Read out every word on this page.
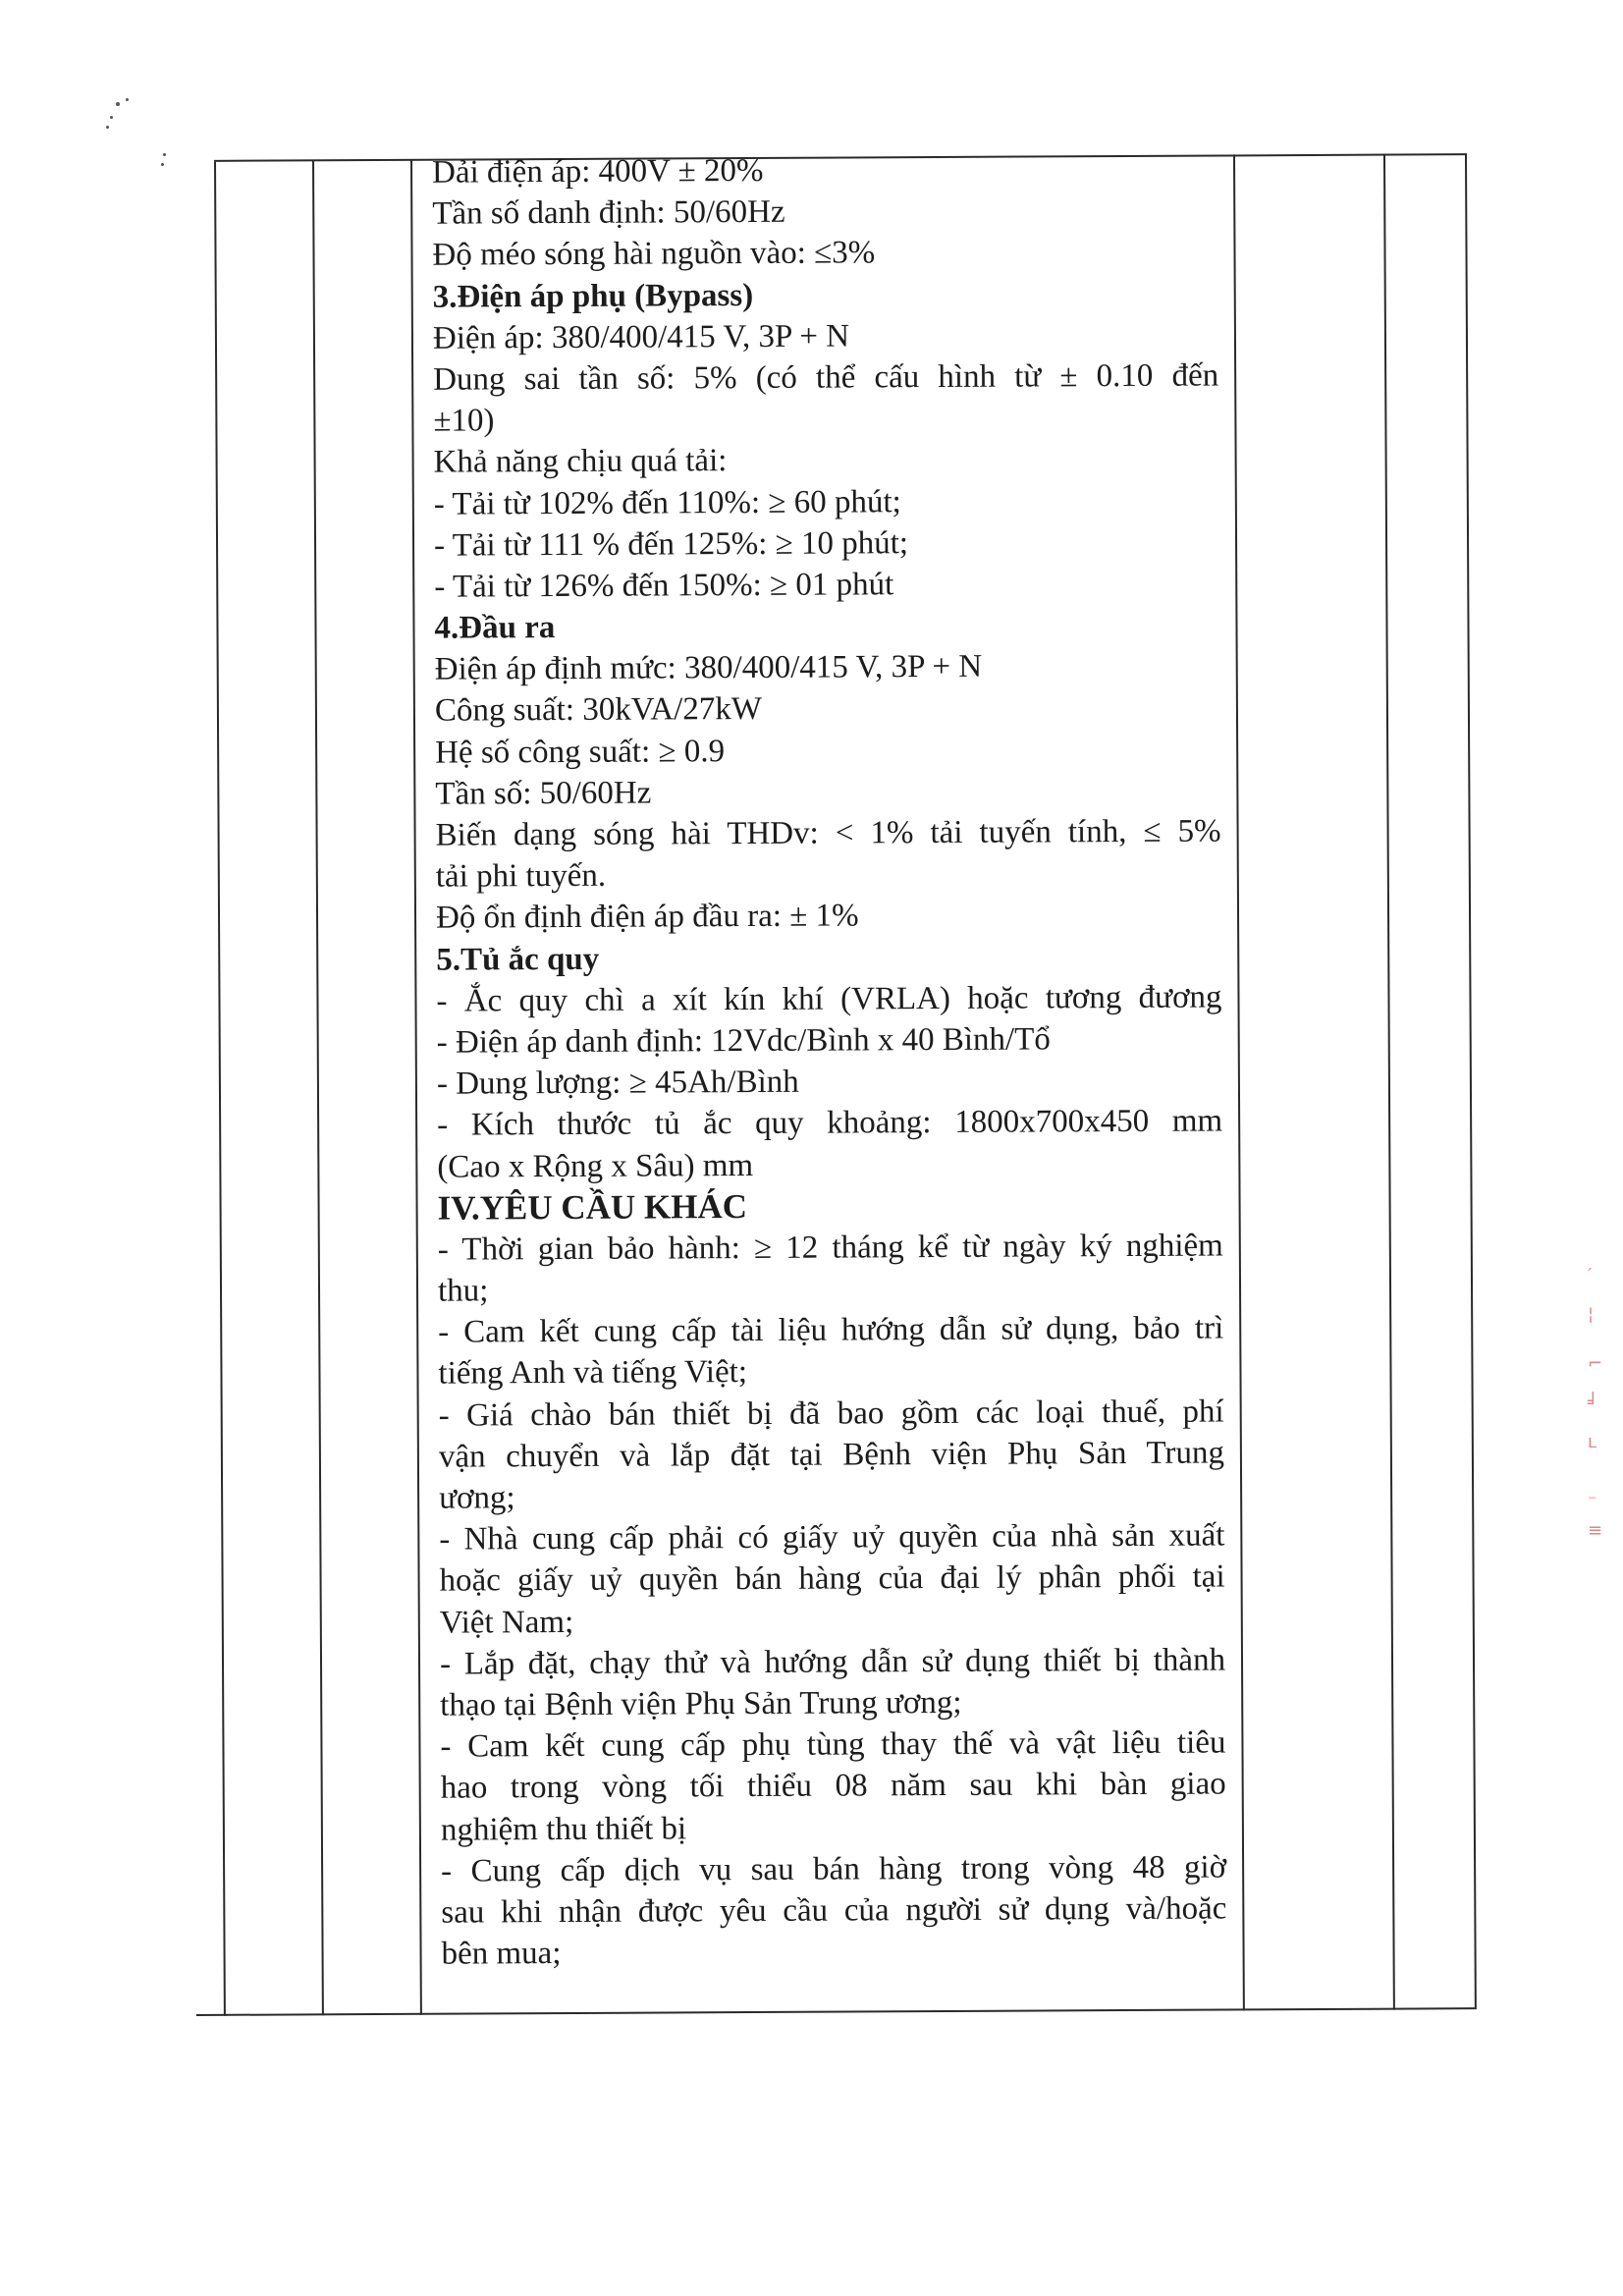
Dải điện áp: 400V ± 20%
Tần số danh định: 50/60Hz
Độ méo sóng hài nguồn vào: ≤3%
3.Điện áp phụ (Bypass)
Điện áp: 380/400/415 V, 3P + N
Dung sai tần số: 5% (có thể cấu hình từ ± 0.10 đến
±10)
Khả năng chịu quá tải:
- Tải từ 102% đến 110%: ≥ 60 phút;
- Tải từ 111 % đến 125%: ≥ 10 phút;
- Tải từ 126% đến 150%: ≥ 01 phút
4.Đầu ra
Điện áp định mức: 380/400/415 V, 3P + N
Công suất: 30kVA/27kW
Hệ số công suất: ≥ 0.9
Tần số: 50/60Hz
Biến dạng sóng hài THDv: < 1% tải tuyến tính, ≤ 5%
tải phi tuyến.
Độ ổn định điện áp đầu ra: ± 1%
5.Tủ ắc quy
- Ắc quy chì a xít kín khí (VRLA) hoặc tương đương
- Điện áp danh định: 12Vdc/Bình x 40 Bình/Tổ
- Dung lượng: ≥ 45Ah/Bình
- Kích thước tủ ắc quy khoảng: 1800x700x450 mm
(Cao x Rộng x Sâu) mm
IV.YÊU CẦU KHÁC
- Thời gian bảo hành: ≥ 12 tháng kể từ ngày ký nghiệm
thu;
- Cam kết cung cấp tài liệu hướng dẫn sử dụng, bảo trì
tiếng Anh và tiếng Việt;
- Giá chào bán thiết bị đã bao gồm các loại thuế, phí
vận chuyển và lắp đặt tại Bệnh viện Phụ Sản Trung
ương;
- Nhà cung cấp phải có giấy uỷ quyền của nhà sản xuất
hoặc giấy uỷ quyền bán hàng của đại lý phân phối tại
Việt Nam;
- Lắp đặt, chạy thử và hướng dẫn sử dụng thiết bị thành
thạo tại Bệnh viện Phụ Sản Trung ương;
- Cam kết cung cấp phụ tùng thay thế và vật liệu tiêu
hao trong vòng tối thiểu 08 năm sau khi bàn giao
nghiệm thu thiết bị
- Cung cấp dịch vụ sau bán hàng trong vòng 48 giờ
sau khi nhận được yêu cầu của người sử dụng và/hoặc
bên mua;
′
¦
⌐
╛
ʟ
⁻
≡
